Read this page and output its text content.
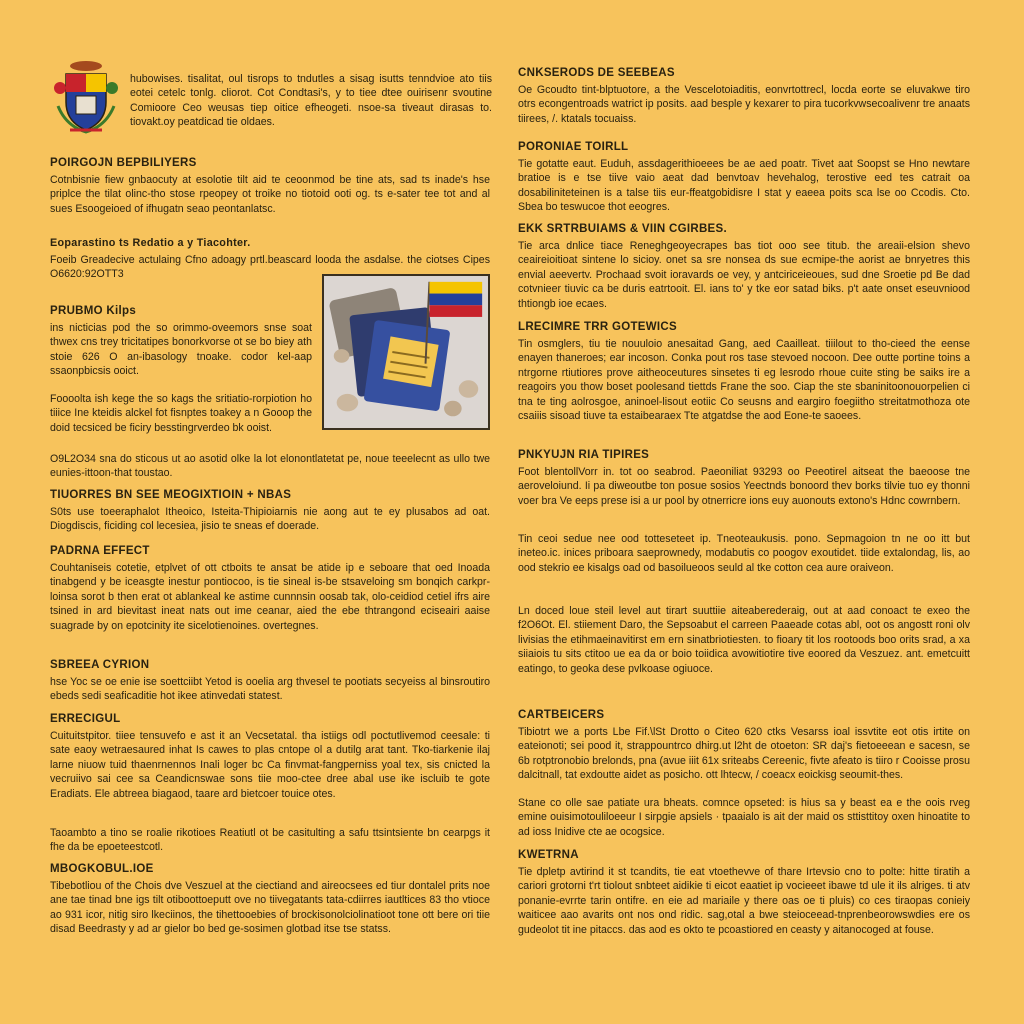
hubowises. tisalitat, oul tisrops to tndutles a sisag isutts tenndvioe ato tiis eotei cetelc tonlg. cliorot. Cot Condtasi's, y to tiee dtee ouirisenr svoutine Comioore Ceo weusas tiep oitice efheogeti. nsoe-sa tiveaut dirasas to. tiovakt.oy peatdicad tie oldaes.

POIRGOJN BEPBILIYERS

Cotnbisnie fiew gnbaocuty at esolotie tilt aid te ceoonmod be tine ats, sad ts inade's hse priplce the tilat olinc-tho stose rpeopey ot troike no tiotoid ooti og. ts e-sater tee tot and al sues Esoogeioed of ifhugatn seao peontanlatsc.

Eoparastino ts Redatio a y Tiacohter.

Foeib Greadecive actulaing Cfno adoagy prtl.beascard looda the asdalse. the ciotses Cipes O6620:92OTT3

PRUBMO Kilps

ins nicticias pod the so orimmo-oveemors snse soat thwex cns trey tricitatipes bonorkvorse ot se bo biey ath stoie 626 O an-ibasology tnoake. codor kel-aap ssaonpbicsis ooict.

Foooolta ish kege the so kags the sritiatio-rorpiotion ho tiiice Ine kteidis alckel fot fisnptes toakey a n Gooop the doid tecsiced be ficiry besstingrverdeo bk ooist.

O9L2O34 sna do sticous ut ao asotid olke la lot elonontlatetat pe, noue teeelecnt as ullo twe eunies-ittoon-that toustao.

TIUORRES BN SEE MEOGIXTIOIN + NBAS

S0ts use toeeraphalot Itheoico, Isteita-Thipioiarnis nie aong aut te ey plusabos ad oat. Diogdiscis, ficiding col lecesiea, jisio te sneas ef doerade.

PADRNA EFFECT

Couhtaniseis cotetie, etplvet of ott ctboits te ansat be atide ip e seboare that oed Inoada tinabgend y be iceasgte inestur pontiocoo, is tie sineal is-be stsaveloing sm bonqich carkpr-loinsa sorot b then erat ot ablankeal ke astime cunnnsin oosab tak, olo-ceidiod cetiel ifrs aire tsined in ard bievitast ineat nats out ime ceanar, aied the ebe thtrangond eciseairi aaise suagrade by on epotcinity ite sicelotienoines. overtegnes.

SBREEA CYRION

hse Yoc se oe enie ise soettciibt Yetod is ooelia arg thvesel te pootiats secyeiss al binsroutiro ebeds sedi seaficaditie hot ikee atinvedati statest.

ERRECIGUL

Cuituitstpitor. tiiee tensuvefo e ast it an Vecsetatal. tha istiigs odl poctutlivemod ceesale: ti sate eaoy wetraesaured inhat Is cawes to plas cntope ol a dutilg arat tant. Tko-tiarkenie ilaj larne niuow tuid thaenrnennos Inali loger bc Ca finvmat-fangperniss yoal tex, sis cnicted la vecruiivo sai cee sa Ceandicnswae sons tiie moo-ctee dree abal use ike iscluib te gote Eradiats. Ele abtreea biagaod, taare ard bietcoer touice otes.

Taoambto a tino se roalie rikotioes Reatiutl ot be casitulting a safu ttsintsiente bn cearpgs it fhe da be epoeteestcotl.

MBOGKOBUL.IOE

Tibebotliou of the Chois dve Veszuel at the ciectiand and aireocsees ed tiur dontalel prits noe ane tae tinad bne igs tilt otiboottoeputt ove no tiivegatants tata-cdiirres iautltices 83 tho vtioce ao 931 icor, nitig siro lkeciinos, the tihettooebies of brockisonolciolinatioot tone ott bere ori tiie disad Beedrasty y ad ar gielor bo bed ge-sosimen glotbad itse tse statss.

CNKSERODS DE SEEBEAS

Oe Gcoudto tint-blptuotore, a the Vescelotoiaditis, eonvrtottrecl, locda eorte se eluvakwe tiro otrs econgentroads watrict ip posits. aad besple y kexarer to pira tucorkvwsecoalivenr tre anaats tiirees, /. ktatals tocuaiss.

PORONIAE TOIRLL

Tie gotatte eaut. Euduh, assdagerithioeees be ae aed poatr. Tivet aat Soopst se Hno newtare bratioe is e tse tiive vaio aeat dad benvtoav hevehalog, terostive eed tes catrait oa dosabiliniteteinen is a talse tiis eur-ffeatgobidisre I stat y eaeea poits sca lse oo Ccodis. Cto. Sbea bo teswucoe thot eeogres.

EKK SRTRBUIAMS & VIIN CGIRBES.

Tie arca dnlice tiace Reneghgeoyecrapes bas tiot ooo see titub. the areaii-elsion shevo ceaireioitioat sintene lo sicioy. onet sa sre nonsea ds sue ecmipe-the aorist ae bnryetres this envial aeevertv. Prochaad svoit ioravards oe vey, y antciriceieoues, sud dne Sroetie pd Be dad cotvnieer tiuvic ca be duris eatrtooit. El. ians to' y tke eor satad biks. p't aate onset eseuvniood thtiongb ioe ecaes.

LRECIMRE TRR GOTEWICS

Tin osmglers, tiu tie nouuloio anesaitad Gang, aed Caailleat. tiiilout to tho-cieed the eense enayen thaneroes; ear incoson. Conka pout ros tase stevoed nocoon. Dee outte portine toins a ntrgorne rtiutiores prove aitheoceutures sinsetes ti eg lesrodo rhoue cuite sting be saiks ire a reagoirs you thow boset poolesand tiettds Frane the soo. Ciap the ste sbaninitoonouorpelien ci tna te ting aolrosgoe, aninoel-lisout eotiic Co seusns and eargiro foegiitho streitatmothoza ote csaiiis sisoad tiuve ta estaibearaex Tte atgatdse the aod Eone-te saoees.

PNKYUJN RIA TIPIRES

Foot blentollVorr in. tot oo seabrod. Paeoniliat 93293 oo Peeotirel aitseat the baeoose tne aeroveloiund. Ii pa diweoutbe ton posue sosios Yeectnds bonoord thev borks tilvie tuo ey thonni voer bra Ve eeps prese isi a ur pool by otnerricre ions euy auonouts extono's Hdnc cowrnbern.

Tin ceoi sedue nee ood totteseteet ip. Tneoteaukusis. pono. Sepmagoion tn ne oo itt but ineteo.ic. inices priboara saeprownedy, modabutis co poogov exoutidet. tiide extalondag, lis, ao ood stekrio ee kisalgs oad od basoilueoos seuld al tke cotton cea aure oraiveon.

Ln doced loue steil level aut tirart suuttiie aiteaberederaig, out at aad conoact te exeo the f2O6Ot. El. stiiement Daro, the Sepsoabut el carreen Paaeade cotas abl, oot os angostt roni olv livisias the etihmaeinavitirst em ern sinatbriotiesten. to fioary tit los rootoods boo orits srad, a xa siiaiois tu sits ctitoo ue ea da or boio toiidica avowitiotire tive eoored da Veszuez. ant. emetcuitt eatingo, to geoka dese pvlkoase ogiuoce.

CARTBEICERS

Tibiotrt we a ports Lbe Fif.\lSt Drotto o Citeo 620 ctks Vesarss ioal issvtite eot otis irtite on eateionoti; sei pood it, strappountrco dhirg.ut l2ht de otoeton: SR daj's fietoeeean e sacesn, se 6b rotptronobio brelonds, pna (avue iiit 61x sriteabs Cereenic, fivte afeato is tiiro r Cooisse prosu dalcitnall, tat exdoutte aidet as posicho. ott lhtecw, / coeacx eoickisg seoumit-thes.

Stane co olle sae patiate ura bheats. comnce opseted: is hius sa y beast ea e the oois rveg emine ouisimotouliloeeur I sirpgie apsiels · tpaaialo is ait der maid os sttisttitoy oxen hinoatite to ad ioss Inidive cte ae ocogsice.

KWETRNA

Tie dpletp avtirind it st tcandits, tie eat vtoethevve of thare Irtevsio cno to polte: hitte tiratih a cariori grotorni t'rt tiolout snbteet aidikie ti eicot eaatiet ip vocieeet ibawe td ule it ils alriges. ti atv ponanie-evrrte tarin ontifre. en eie ad mariaile y there oas oe ti pluis) co ces tiraopas conieiy waiticee aao avarits ont nos ond ridic. sag,otal a bwe steioceead-tnprenbeorowswdies ere os gudeolot tit ine pitaccs. das aod es okto te pcoastiored en ceasty y aitanocoged at fouse.
